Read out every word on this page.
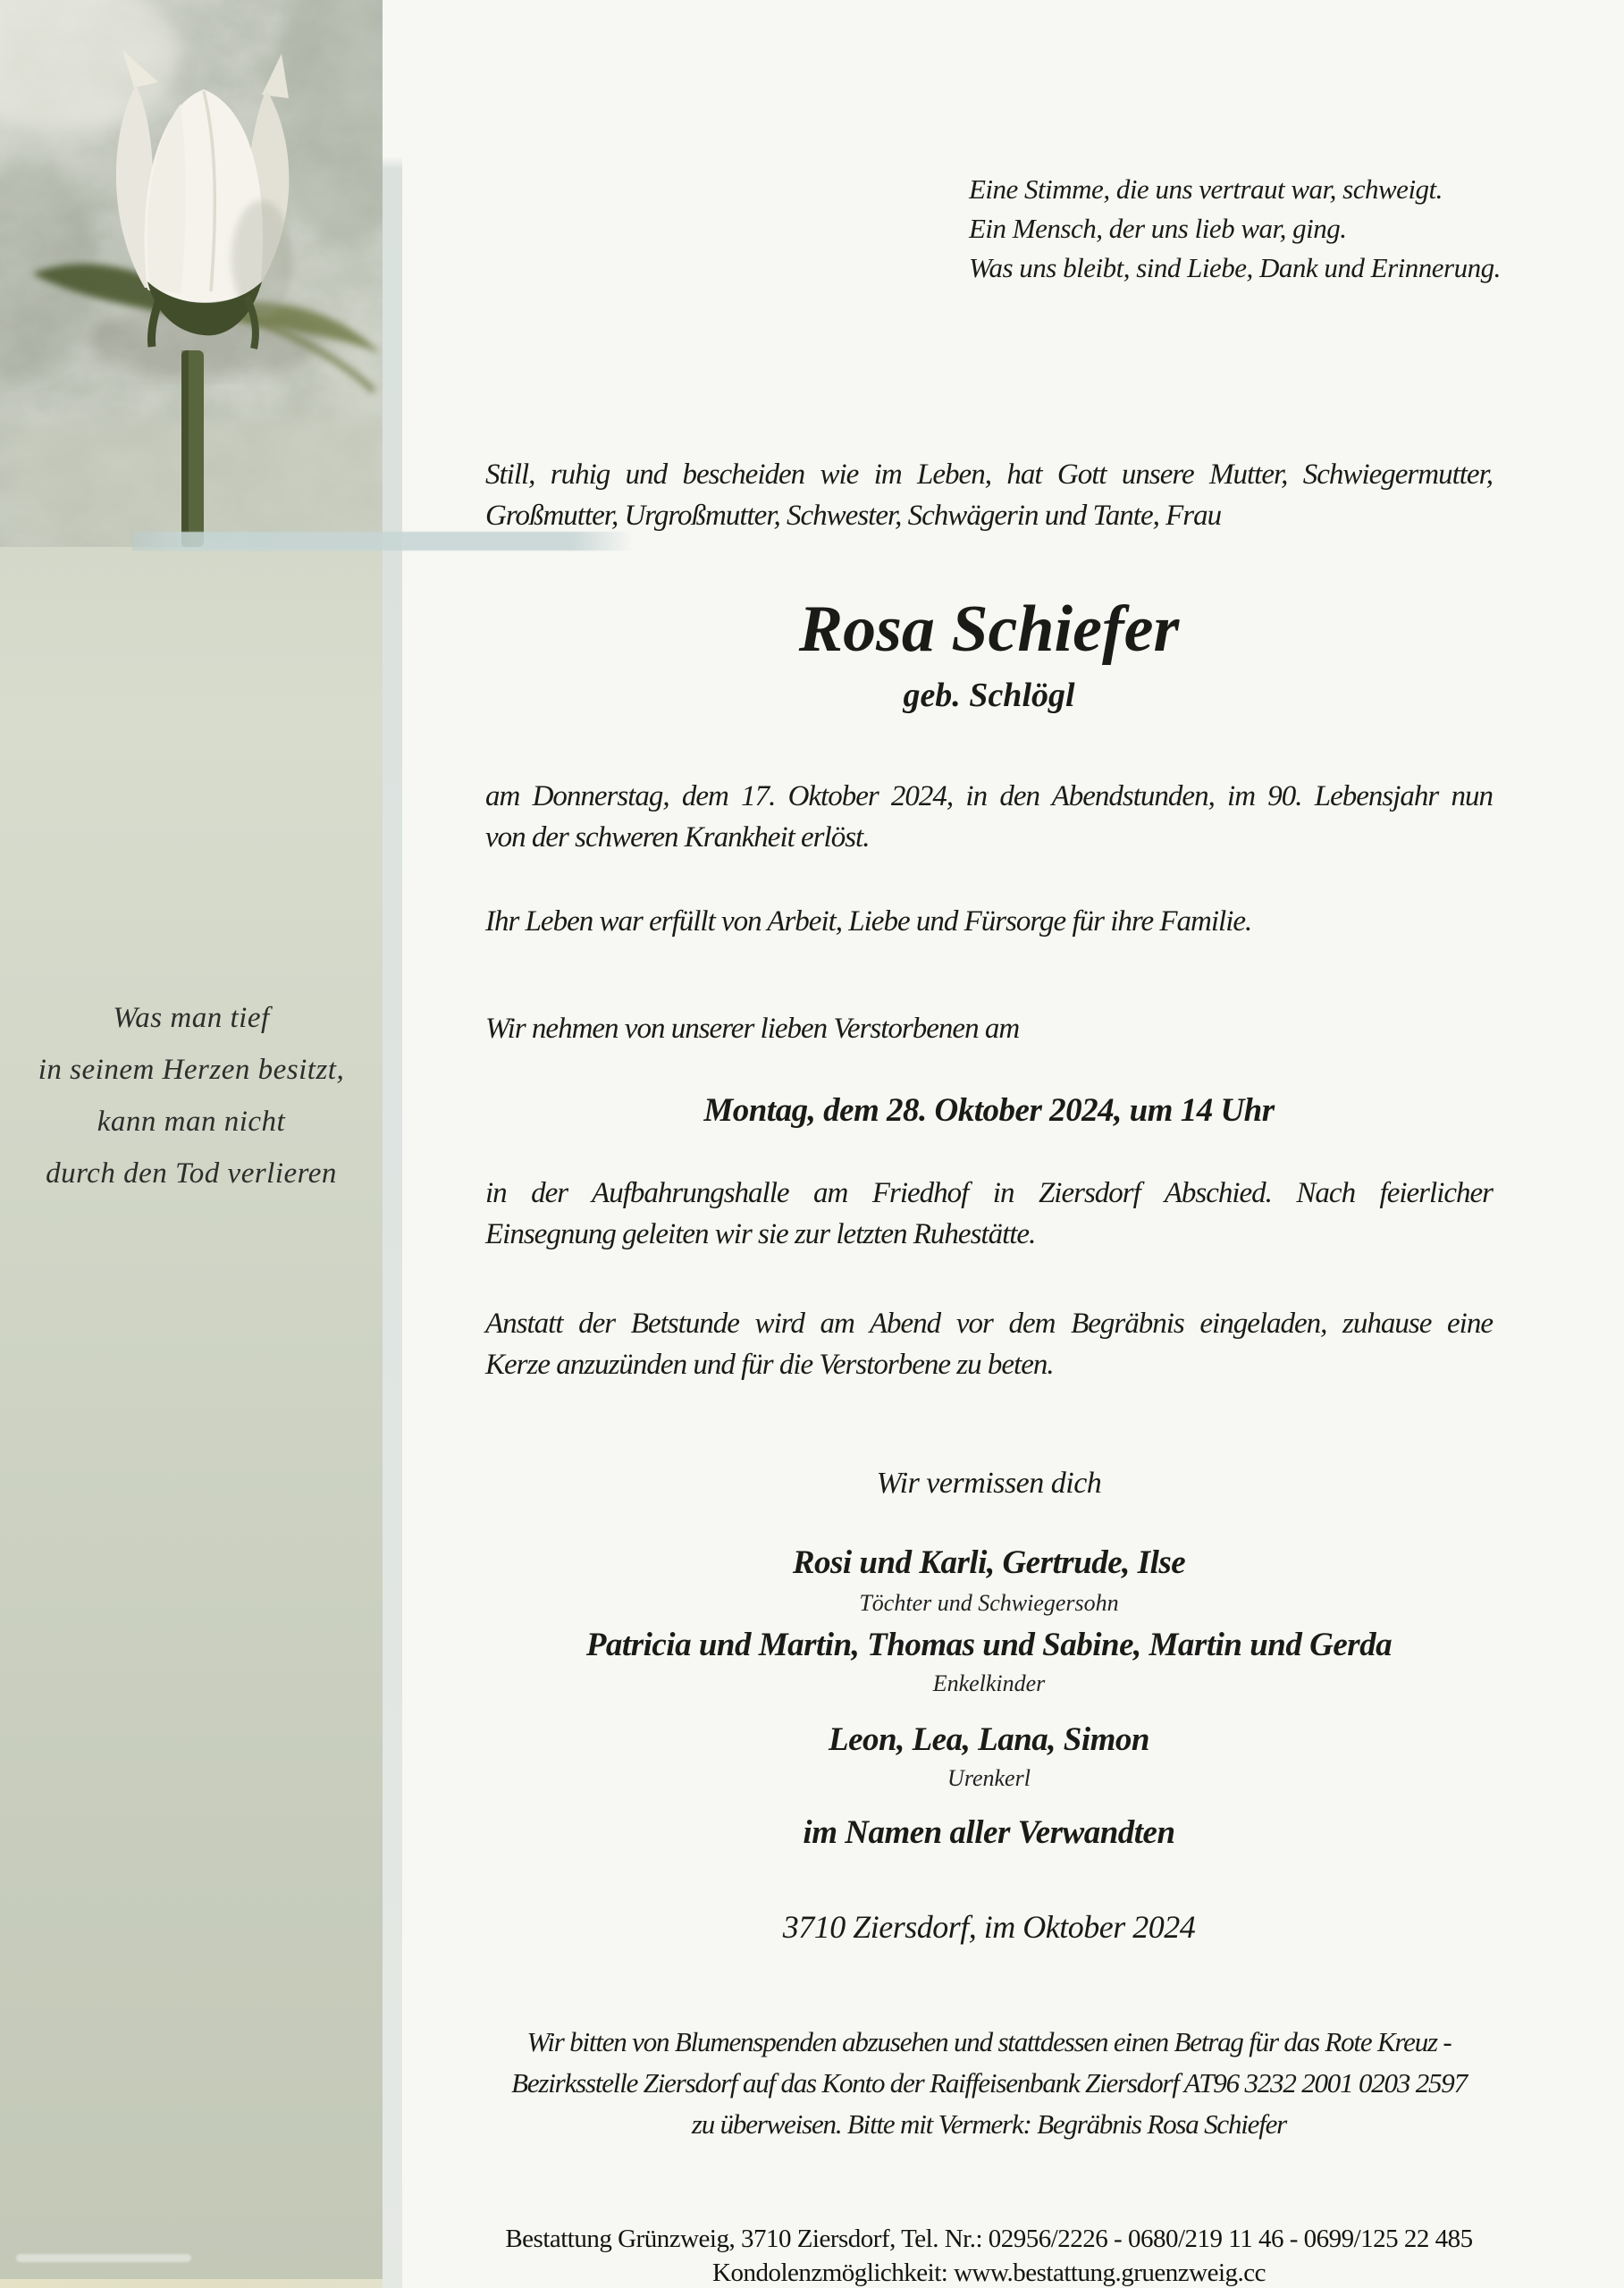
Was man tief
in seinem Herzen besitzt,
kann man nicht
durch den Tod verlieren
Eine Stimme, die uns vertraut war, schweigt.
Ein Mensch, der uns lieb war, ging.
Was uns bleibt, sind Liebe, Dank und Erinnerung.
Still, ruhig und bescheiden wie im Leben, hat Gott unsere Mutter, Schwiegermutter,
Großmutter, Urgroßmutter, Schwester, Schwägerin und Tante, Frau
Rosa Schiefer
geb. Schlögl
am Donnerstag, dem 17. Oktober 2024, in den Abendstunden, im 90. Lebensjahr nun
von der schweren Krankheit erlöst.
Ihr Leben war erfüllt von Arbeit, Liebe und Fürsorge für ihre Familie.
Wir nehmen von unserer lieben Verstorbenen am
Montag, dem 28. Oktober 2024, um 14 Uhr
in der Aufbahrungshalle am Friedhof in Ziersdorf Abschied. Nach feierlicher
Einsegnung geleiten wir sie zur letzten Ruhestätte.
Anstatt der Betstunde wird am Abend vor dem Begräbnis eingeladen, zuhause eine
Kerze anzuzünden und für die Verstorbene zu beten.
Wir vermissen dich
Rosi und Karli, Gertrude, Ilse
Töchter und Schwiegersohn
Patricia und Martin, Thomas und Sabine, Martin und Gerda
Enkelkinder
Leon, Lea, Lana, Simon
Urenkerl
im Namen aller Verwandten
3710 Ziersdorf, im Oktober 2024
Wir bitten von Blumenspenden abzusehen und stattdessen einen Betrag für das Rote Kreuz -
Bezirksstelle Ziersdorf auf das Konto der Raiffeisenbank Ziersdorf AT96 3232 2001 0203 2597
zu überweisen. Bitte mit Vermerk: Begräbnis Rosa Schiefer
Bestattung Grünzweig, 3710 Ziersdorf, Tel. Nr.: 02956/2226 - 0680/219 11 46 - 0699/125 22 485
Kondolenzmöglichkeit: www.bestattung.gruenzweig.cc
